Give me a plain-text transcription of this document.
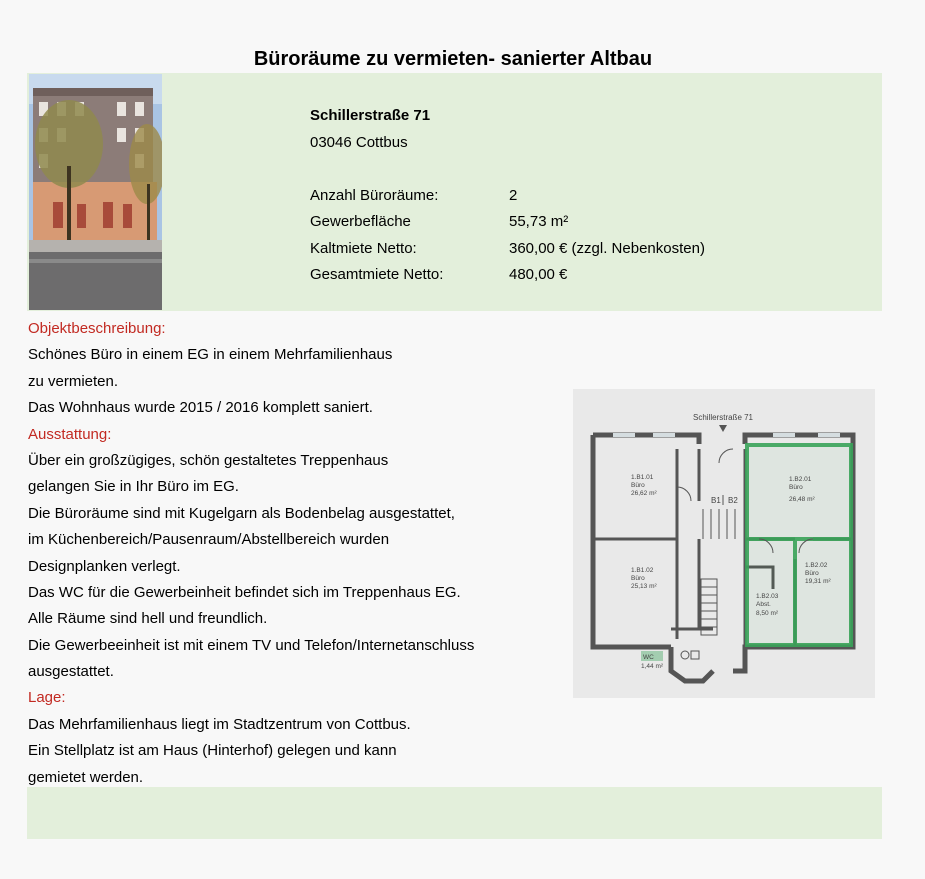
Büroräume zu vermieten- sanierter Altbau
Schillerstraße 71
03046 Cottbus
Anzahl Büroräume:	2
Gewerbefläche	55,73 m²
Kaltmiete Netto:	360,00 € (zzgl. Nebenkosten)
Gesamtmiete Netto:	480,00 €
Objektbeschreibung:
Schönes Büro in einem EG in einem Mehrfamilienhaus
zu vermieten.
Das Wohnhaus wurde 2015 / 2016 komplett saniert.
Ausstattung:
Über ein großzügiges, schön gestaltetes Treppenhaus
gelangen Sie in Ihr Büro im EG.
Die Büroräume sind mit Kugelgarn als Bodenbelag ausgestattet,
im Küchenbereich/Pausenraum/Abstellbereich wurden
Designplanken verlegt.
Das WC für die Gewerbeinheit befindet sich im Treppenhaus EG.
Alle Räume sind hell und freundlich.
Die Gewerbeeinheit ist mit einem TV und Telefon/Internetanschluss
ausgestattet.
Lage:
Das Mehrfamilienhaus liegt im Stadtzentrum von Cottbus.
Ein Stellplatz ist am Haus (Hinterhof) gelegen und kann
gemietet werden.
Schillerstraße 71
1.B1.01
Büro
26,62 m²
1.B1.02
Büro
25,13 m²
1.B2.01
Büro
26,48 m²
1.B2.02
Büro
19,31 m²
1.B2.03
Abst.
8,50 m²
WC
1,44 m²
B1 B2
